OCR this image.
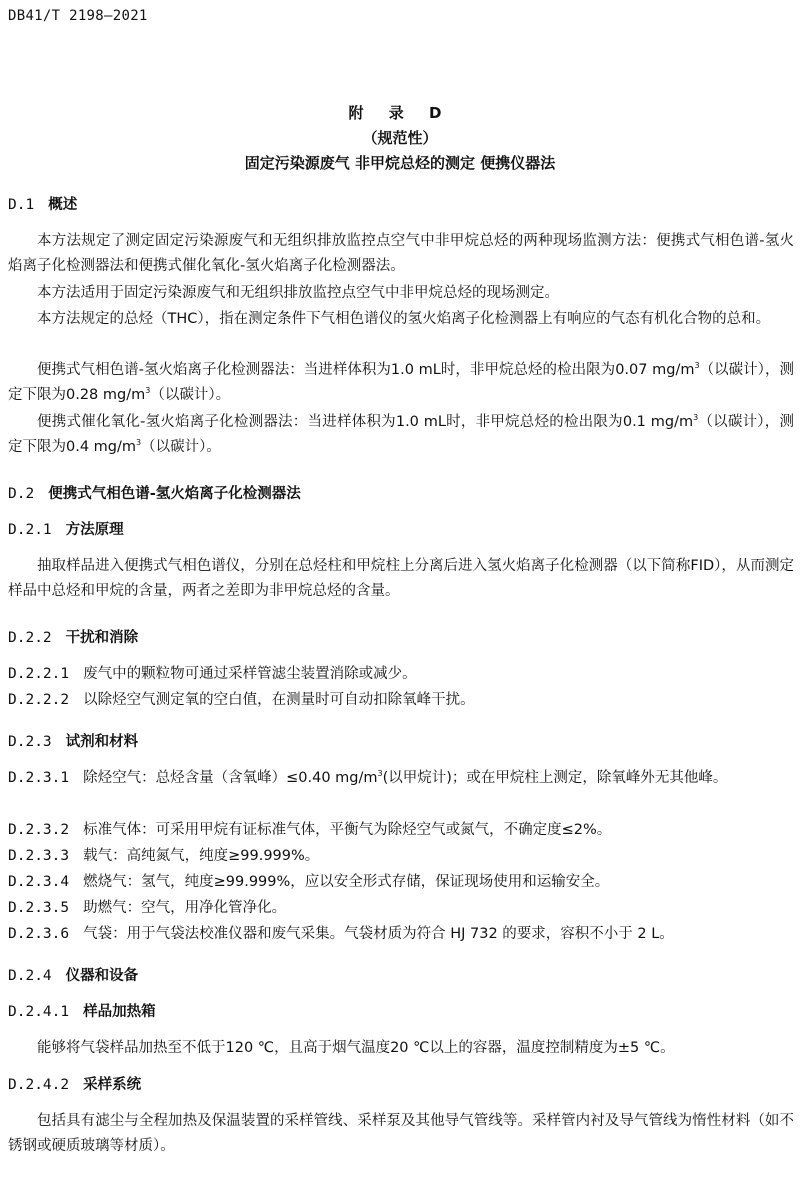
DB41/T 2198—2021
附 录 D
（规范性）
固定污染源废气 非甲烷总烃的测定 便携仪器法
D.1 概述
本方法规定了测定固定污染源废气和无组织排放监控点空气中非甲烷总烃的两种现场监测方法：便携式气相色谱-氢火焰离子化检测器法和便携式催化氧化-氢火焰离子化检测器法。
本方法适用于固定污染源废气和无组织排放监控点空气中非甲烷总烃的现场测定。
本方法规定的总烃（THC），指在测定条件下气相色谱仪的氢火焰离子化检测器上有响应的气态有机化合物的总和。
便携式气相色谱-氢火焰离子化检测器法：当进样体积为1.0 mL时，非甲烷总烃的检出限为0.07 $mg/m^3$（以碳计），测定下限为0.28 $mg/m^3$（以碳计）。
便携式催化氧化-氢火焰离子化检测器法：当进样体积为1.0 mL时，非甲烷总烃的检出限为0.1 $mg/m^3$（以碳计），测定下限为0.4 $mg/m^3$（以碳计）。
D.2 便携式气相色谱-氢火焰离子化检测器法
D.2.1 方法原理
抽取样品进入便携式气相色谱仪，分别在总烃柱和甲烷柱上分离后进入氢火焰离子化检测器（以下简称FID），从而测定样品中总烃和甲烷的含量，两者之差即为非甲烷总烃的含量。
D.2.2 干扰和消除
D.2.2.1 废气中的颗粒物可通过采样管滤尘装置消除或减少。
D.2.2.2 以除烃空气测定氧的空白值，在测量时可自动扣除氧峰干扰。
D.2.3 试剂和材料
D.2.3.1 除烃空气：总烃含量（含氧峰）≤0.40 $mg/m^3$(以甲烷计)；或在甲烷柱上测定，除氧峰外无其他峰。
D.2.3.2 标准气体：可采用甲烷有证标准气体，平衡气为除烃空气或氮气，不确定度≤2%。
D.2.3.3 载气：高纯氮气，纯度≥99.999%。
D.2.3.4 燃烧气：氢气，纯度≥99.999%，应以安全形式存储，保证现场使用和运输安全。
D.2.3.5 助燃气：空气，用净化管净化。
D.2.3.6 气袋：用于气袋法校准仪器和废气采集。气袋材质为符合 HJ 732 的要求，容积不小于 2 L。
D.2.4 仪器和设备
D.2.4.1 样品加热箱
能够将气袋样品加热至不低于120 ℃，且高于烟气温度20 ℃以上的容器，温度控制精度为±5 ℃。
D.2.4.2 采样系统
包括具有滤尘与全程加热及保温装置的采样管线、采样泵及其他导气管线等。采样管内衬及导气管线为惰性材料（如不锈钢或硬质玻璃等材质）。
